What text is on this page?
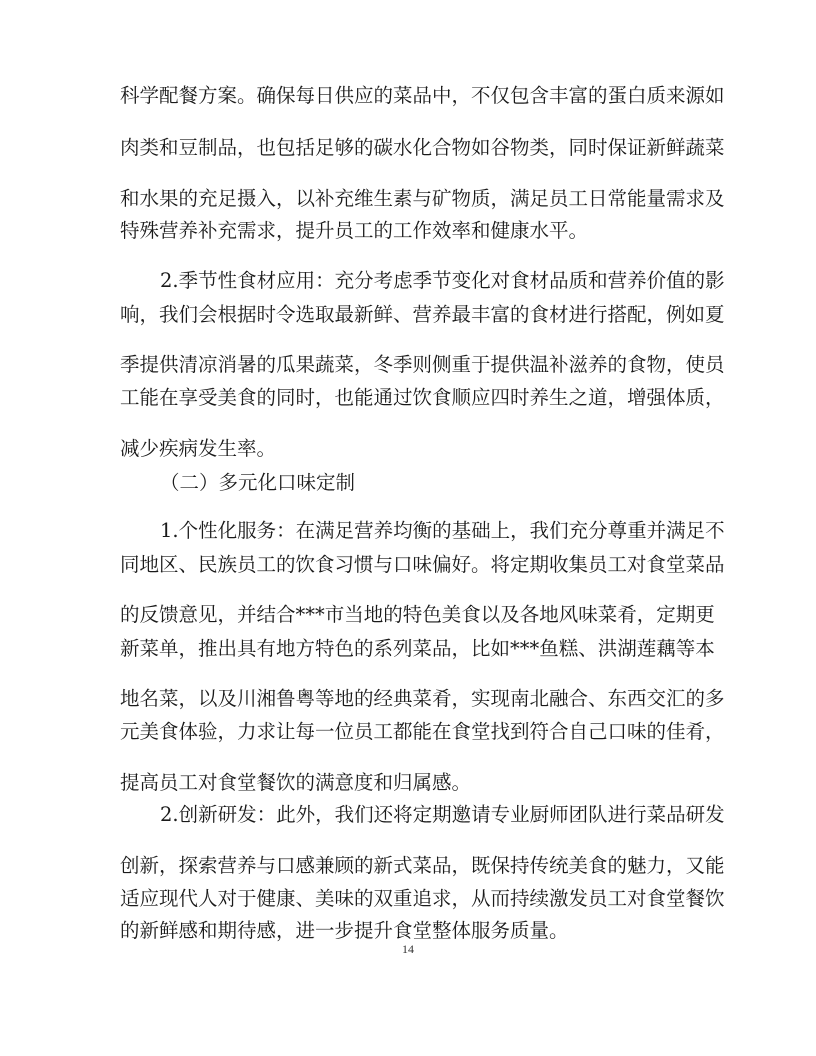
科学配餐方案。确保每日供应的菜品中，不仅包含丰富的蛋白质来源如

肉类和豆制品，也包括足够的碳水化合物如谷物类，同时保证新鲜蔬菜

和水果的充足摄入，以补充维生素与矿物质，满足员工日常能量需求及

特殊营养补充需求，提升员工的工作效率和健康水平。

2.季节性食材应用：充分考虑季节变化对食材品质和营养价值的影

响，我们会根据时令选取最新鲜、营养最丰富的食材进行搭配，例如夏

季提供清凉消暑的瓜果蔬菜，冬季则侧重于提供温补滋养的食物，使员

工能在享受美食的同时，也能通过饮食顺应四时养生之道，增强体质，

减少疾病发生率。

（二）多元化口味定制

1.个性化服务：在满足营养均衡的基础上，我们充分尊重并满足不

同地区、民族员工的饮食习惯与口味偏好。将定期收集员工对食堂菜品

的反馈意见，并结合***市当地的特色美食以及各地风味菜肴，定期更

新菜单，推出具有地方特色的系列菜品，比如***鱼糕、洪湖莲藕等本

地名菜，以及川湘鲁粤等地的经典菜肴，实现南北融合、东西交汇的多

元美食体验，力求让每一位员工都能在食堂找到符合自己口味的佳肴，

提高员工对食堂餐饮的满意度和归属感。

2.创新研发：此外，我们还将定期邀请专业厨师团队进行菜品研发

创新，探索营养与口感兼顾的新式菜品，既保持传统美食的魅力，又能

适应现代人对于健康、美味的双重追求，从而持续激发员工对食堂餐饮

的新鲜感和期待感，进一步提升食堂整体服务质量。

14
